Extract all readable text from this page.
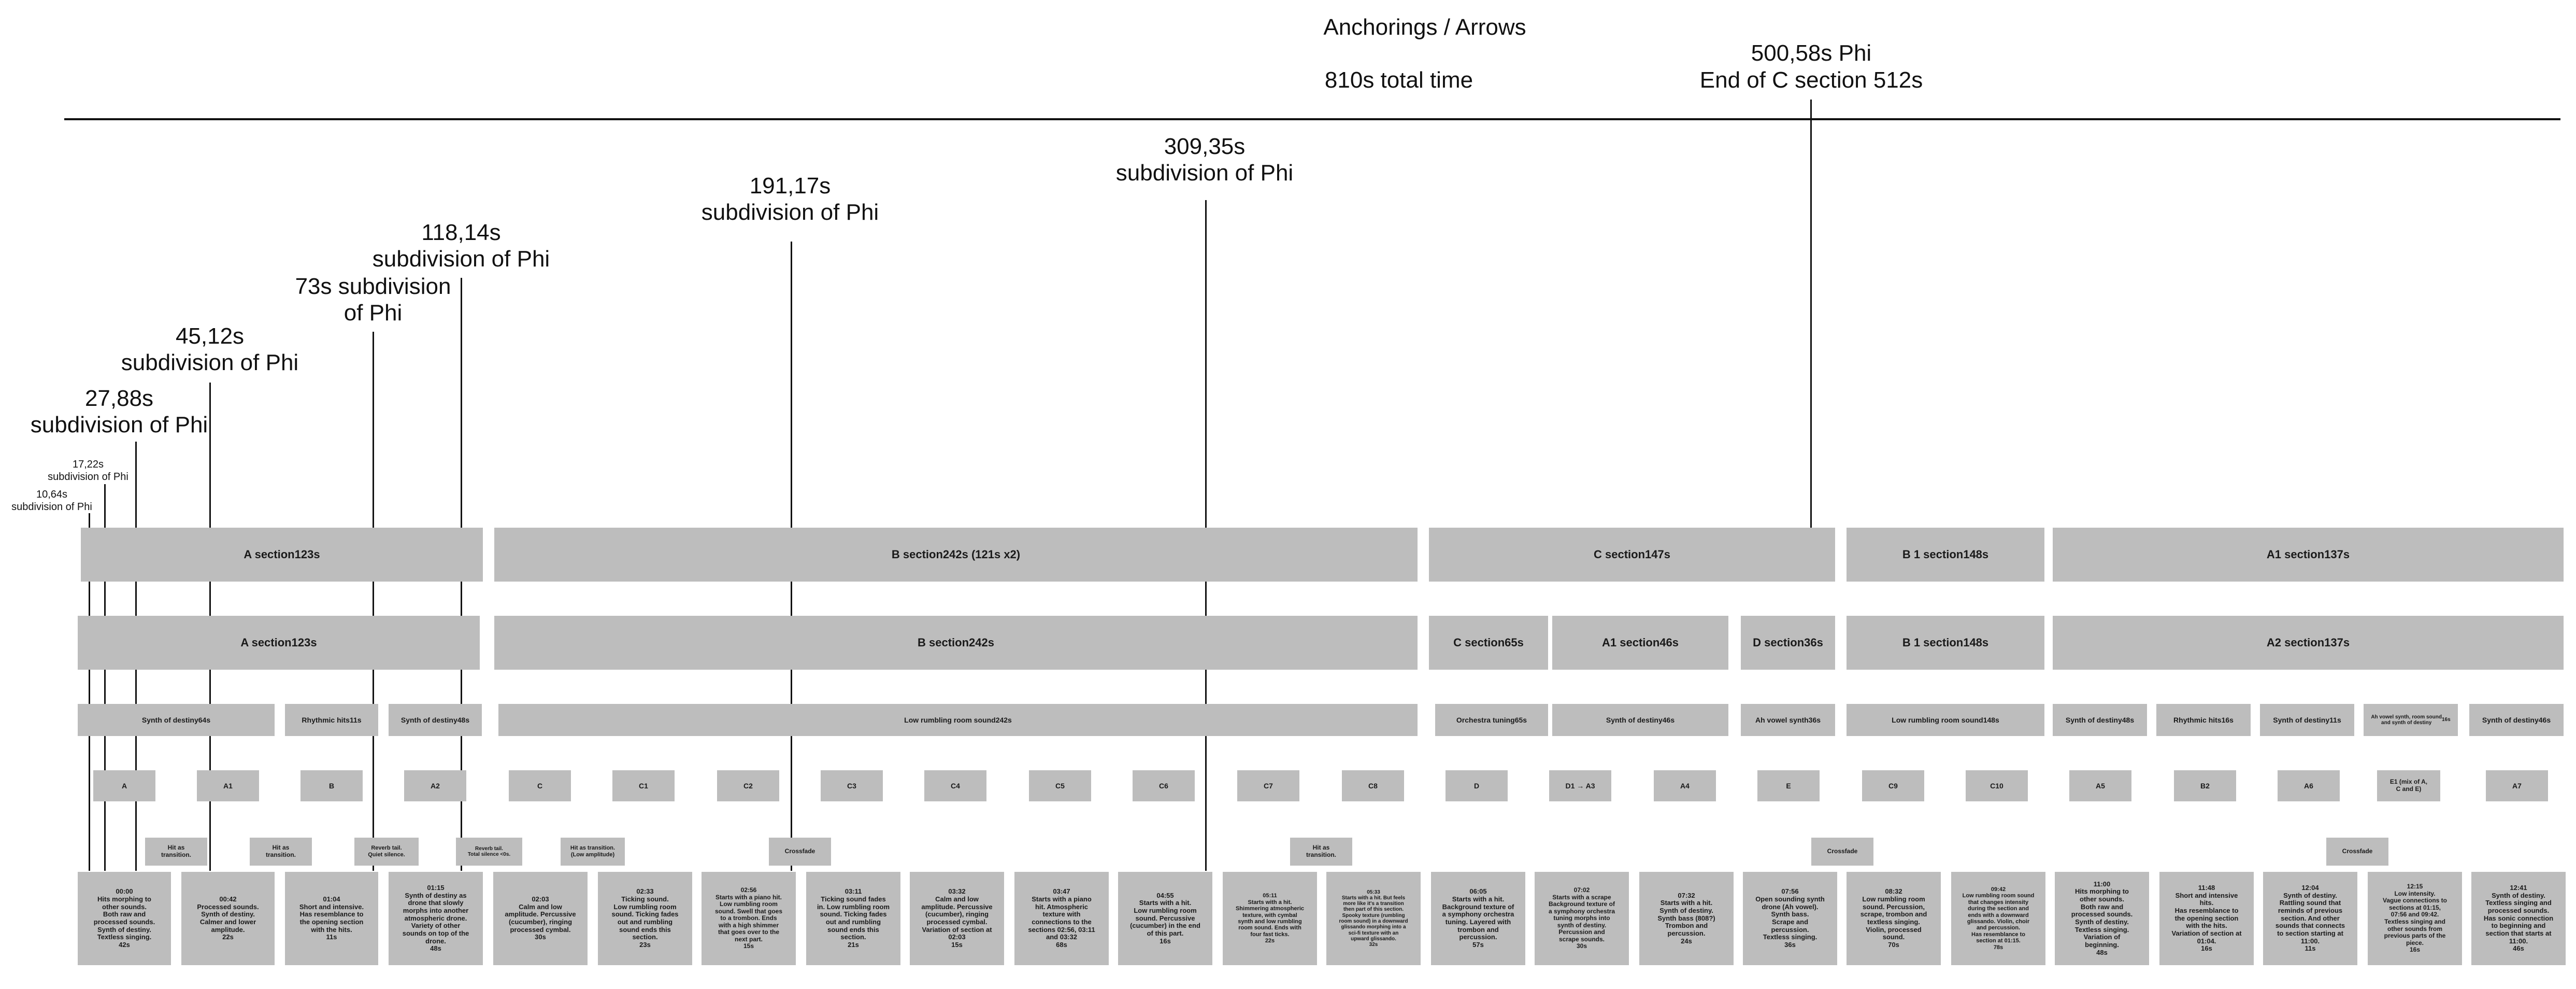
Anchorings / Arrows
810s total time
500,58s Phi
End of C section 512s
10,64s
subdivision of Phi
17,22s
subdivision of Phi
27,88s
subdivision of Phi
45,12s
subdivision of Phi
73s subdivision
of Phi
118,14s
subdivision of Phi
191,17s
subdivision of Phi
309,35s
subdivision of Phi
A section 123s	B section 242s (121s x2)	C section 147s	B 1 section 148s	A1 section 137s
A section 123s	B section 242s	C section 65s	A1 section 46s	D section 36s	B 1 section 148s	A2 section 137s
Synth of destiny 64s	Rhythmic hits 11s	Synth of destiny 48s	Low rumbling room sound 242s	Orchestra tuning 65s	Synth of destiny 46s	Ah vowel synth 36s	Low rumbling room sound 148s	Synth of destiny 48s	Rhythmic hits 16s	Synth of destiny 11s	Ah vowel synth, room sound
and synth of destiny

16s	Synth of destiny 46s
A	A1	B	A2	C	C1	C2	C3	C4	C5	C6	C7	C8	D	D1 → A3	A4	E	C9	C10	A5	B2	A6	E1 (mix of A,
C and E)	A7
Hit as
transition.
Hit as
transition.
Reverb tail.
Quiet silence.
Reverb tail.
Total silence <0s.
Hit as transition.
(Low amplitude)	Crossfade	Hit as
transition.	Crossfade	Crossfade
00:00
Hits morphing to
other sounds.
Both raw and
processed sounds.
Synth of destiny.
Textless singing.
42s
00:42
Processed sounds.
Synth of destiny.
Calmer and lower
amplitude.
22s
01:04
Short and intensive.
Has resemblance to
the opening section
with the hits.
11s
01:15
Synth of destiny as
drone that slowly
morphs into another
atmospheric drone.
Variety of other
sounds on top of the
drone.
48s
02:03
Calm and low
amplitude. Percussive
(cucumber), ringing
processed cymbal.
30s
02:33
Ticking sound.
Low rumbling room
sound. Ticking fades
out and rumbling
sound ends this
section.
23s
02:56
Starts with a piano hit.
Low rumbling room
sound. Swell that goes
to a trombon. Ends
with a high shimmer
that goes over to the
next part.
15s
03:11
Ticking sound fades
in. Low rumbling room
sound. Ticking fades
out and rumbling
sound ends this
section.
21s
03:32
Calm and low
amplitude. Percussive
(cucumber), ringing
processed cymbal.
Variation of section at
02:03
15s
03:47
Starts with a piano
hit. Atmospheric
texture with
connections to the
sections 02:56, 03:11
and 03:32
68s
04:55
Starts with a hit.
Low rumbling room
sound. Percussive
(cucumber) in the end
of this part.
16s
05:11
Starts with a hit.
Shimmering atmospheric
texture, with cymbal
synth and low rumbling
room sound. Ends with
four fast ticks.
22s
05:33
Starts with a hit. But feels
more like it's a transition
then part of this section.
Spooky texture (rumbling
room sound) in a downward
glissando morphing into a
sci-fi texture with an
upward glissando.
32s
06:05
Starts with a hit.
Background texture of
a symphony orchestra
tuning. Layered with
trombon and
percussion.
57s
07:02
Starts with a scrape
Background texture of
a symphony orchestra
tuning morphs into
synth of destiny.
Percussion and
scrape sounds.
30s
07:32
Starts with a hit.
Synth of destiny.
Synth bass (808?)
Trombon and
percussion.
24s
07:56
Open sounding synth
drone (Ah vowel).
Synth bass.
Scrape and
percussion.
Textless singing.
36s
08:32
Low rumbling room
sound. Percussion,
scrape, trombon and
textless singing.
Violin, processed
sound.
70s
09:42
Low rumbling room sound
that changes intensity
during the section and
ends with a downward
glissando. Violin, choir
and percussion.
Has resemblance to
section at 01:15.
78s
11:00
Hits morphing to
other sounds.
Both raw and
processed sounds.
Synth of destiny.
Textless singing.
Variation of
beginning.
48s
11:48
Short and intensive
hits.
Has resemblance to
the opening section
with the hits.
Variation of section at
01:04.
16s
12:04
Synth of destiny.
Rattling sound that
reminds of previous
section. And other
sounds that connects
to section starting at
11:00.
11s
12:15
Low intensity.
Vague connections to
sections at 01:15,
07:56 and 09:42.
Textless singing and
other sounds from
previous parts of the
piece.
16s
12:41
Synth of destiny.
Textless singing and
processed sounds.
Has sonic connection
to beginning and
section that starts at
11:00.
46s
